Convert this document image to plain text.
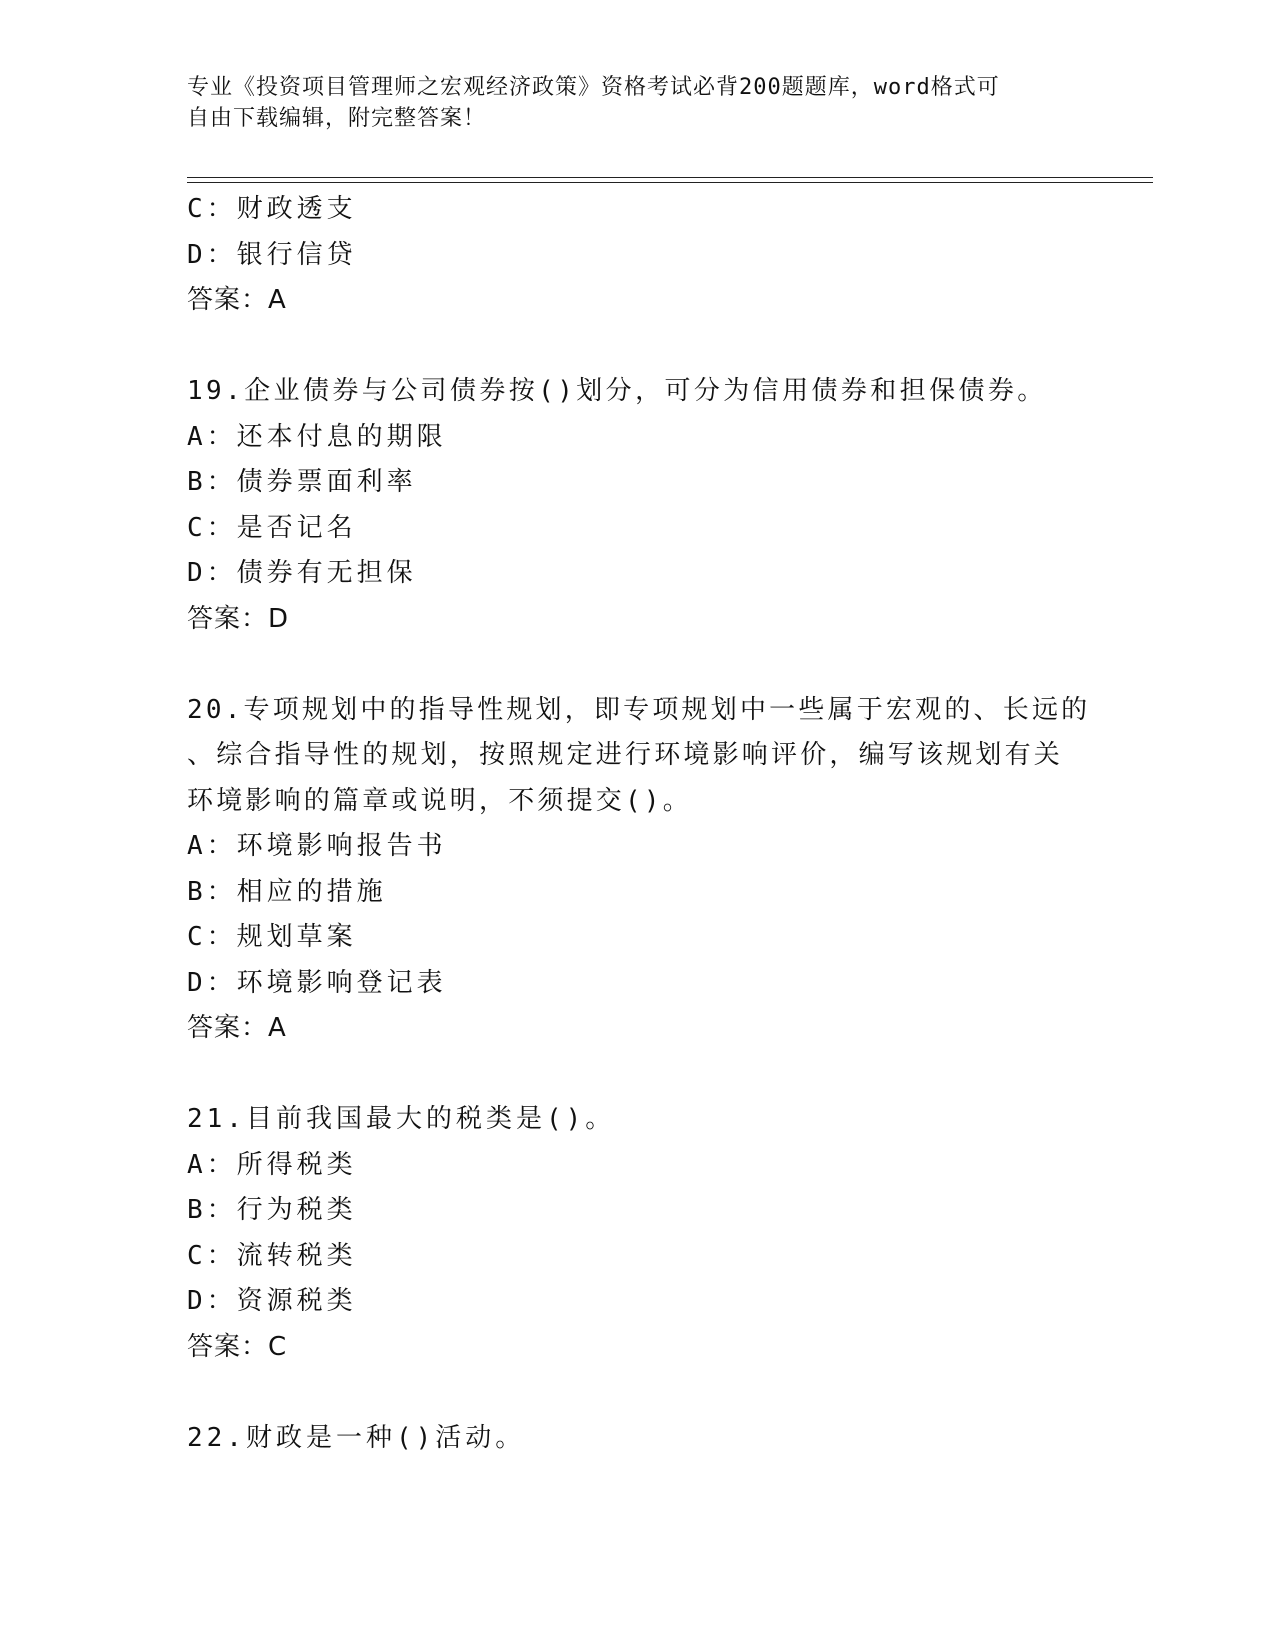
专业《投资项目管理师之宏观经济政策》资格考试必背200题题库，word格式可
自由下载编辑，附完整答案！
C：财政透支
D：银行信贷
答案：A
19.企业债券与公司债券按()划分，可分为信用债券和担保债券。
A：还本付息的期限
B：债券票面利率
C：是否记名
D：债券有无担保
答案：D
20.专项规划中的指导性规划，即专项规划中一些属于宏观的、长远的
、综合指导性的规划，按照规定进行环境影响评价，编写该规划有关
环境影响的篇章或说明，不须提交()。
A：环境影响报告书
B：相应的措施
C：规划草案
D：环境影响登记表
答案：A
21.目前我国最大的税类是()。
A：所得税类
B：行为税类
C：流转税类
D：资源税类
答案：C
22.财政是一种()活动。
